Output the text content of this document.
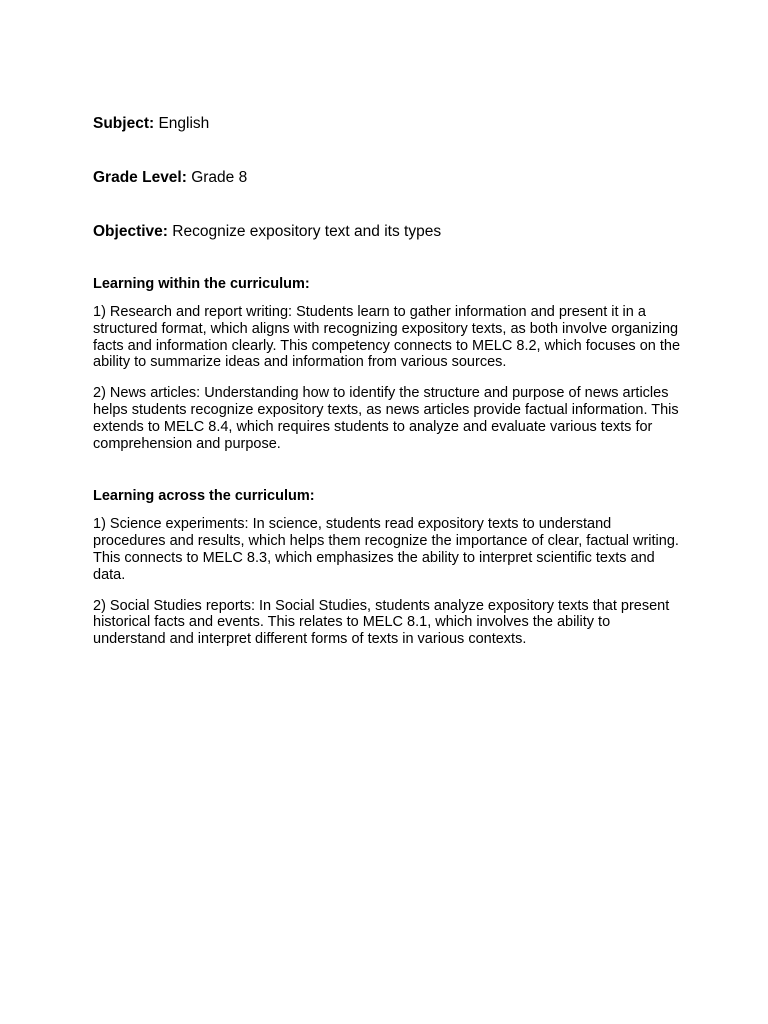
Subject: English

Grade Level: Grade 8

Objective: Recognize expository text and its types

Learning within the curriculum:

1) Research and report writing: Students learn to gather information and present it in a structured format, which aligns with recognizing expository texts, as both involve organizing facts and information clearly. This competency connects to MELC 8.2, which focuses on the ability to summarize ideas and information from various sources.

2) News articles: Understanding how to identify the structure and purpose of news articles helps students recognize expository texts, as news articles provide factual information. This extends to MELC 8.4, which requires students to analyze and evaluate various texts for comprehension and purpose.

Learning across the curriculum:

1) Science experiments: In science, students read expository texts to understand procedures and results, which helps them recognize the importance of clear, factual writing. This connects to MELC 8.3, which emphasizes the ability to interpret scientific texts and data.

2) Social Studies reports: In Social Studies, students analyze expository texts that present historical facts and events. This relates to MELC 8.1, which involves the ability to understand and interpret different forms of texts in various contexts.
